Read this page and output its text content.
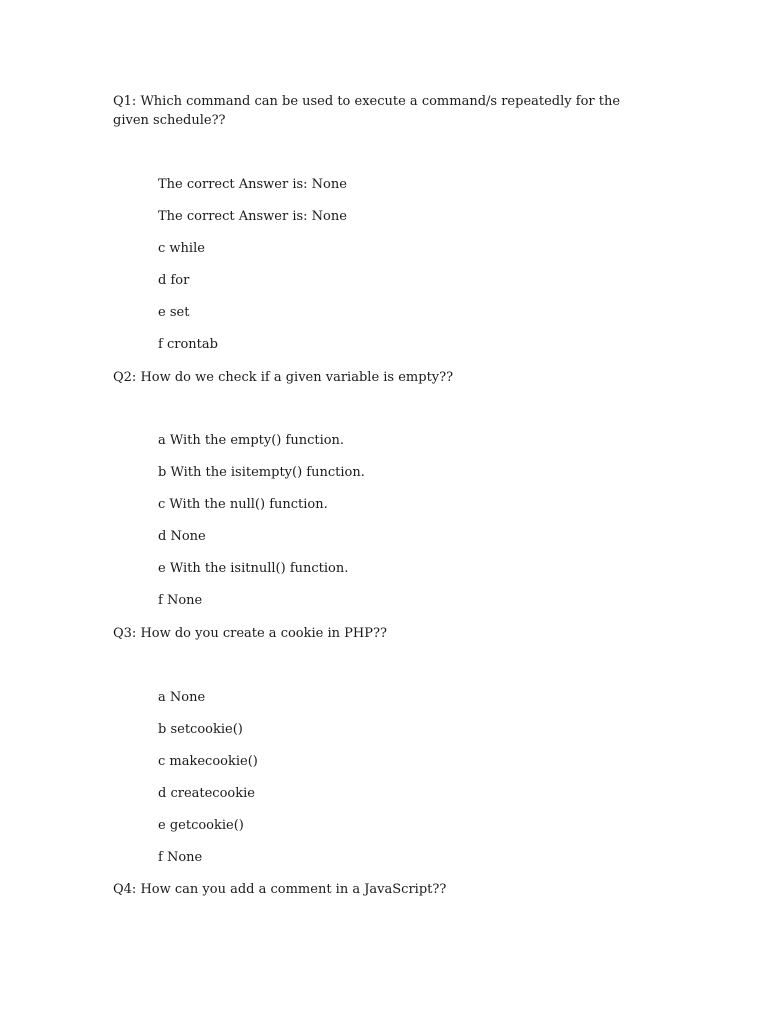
Q1: Which command can be used to execute a command/s repeatedly for the given schedule??
The correct Answer is: None
The correct Answer is: None
c while
d for
e set
f crontab
Q2: How do we check if a given variable is empty??
a With the empty() function.
b With the isitempty() function.
c With the null() function.
d None
e With the isitnull() function.
f None
Q3: How do you create a cookie in PHP??
a None
b setcookie()
c makecookie()
d createcookie
e getcookie()
f None
Q4: How can you add a comment in a JavaScript??
